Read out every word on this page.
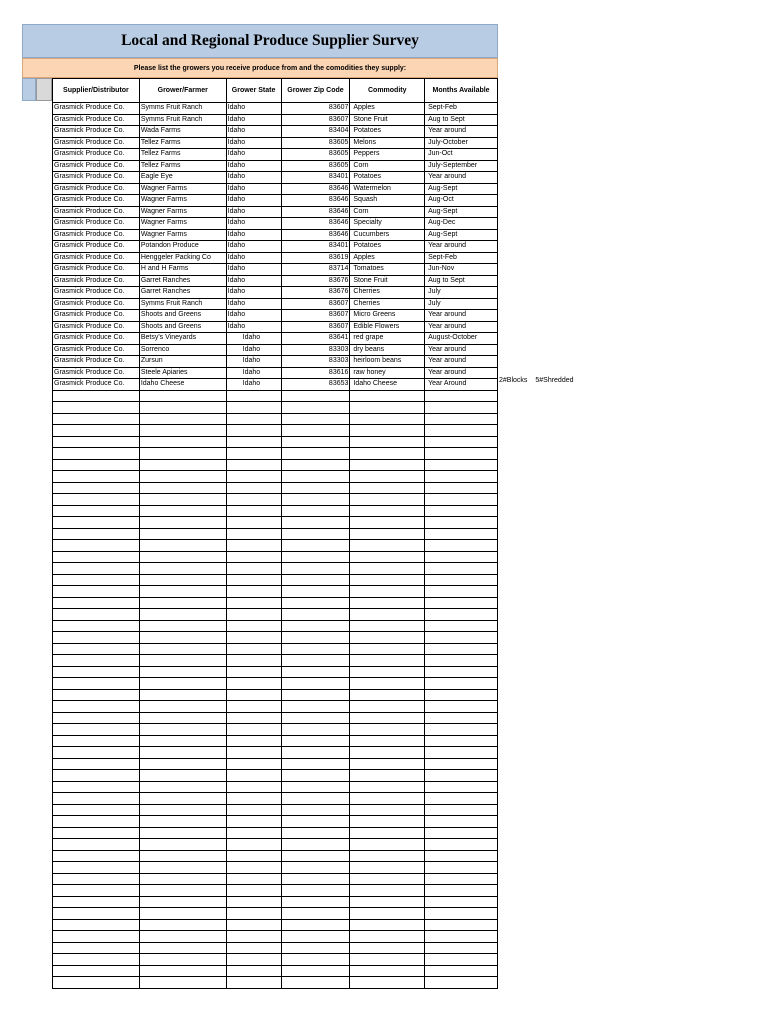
Local and Regional Produce Supplier Survey
Please list the growers you receive produce from and the comodities they supply:
Supplier/Distributor	Grower/Farmer	Grower State	Grower Zip Code	Commodity	Months Available
Grasmick Produce Co.	Symms Fruit Ranch	Idaho	83607	Apples	Sept-Feb
Grasmick Produce Co.	Symms Fruit Ranch	Idaho	83607	Stone Fruit	Aug to Sept
Grasmick Produce Co.	Wada Farms	Idaho	83404	Potatoes	Year around
Grasmick Produce Co.	Tellez Farms	Idaho	83605	Melons	July-October
Grasmick Produce Co.	Tellez Farms	Idaho	83605	Peppers	Jun-Oct
Grasmick Produce Co.	Tellez Farms	Idaho	83605	Corn	July-September
Grasmick Produce Co.	Eagle Eye	Idaho	83401	Potatoes	Year around
Grasmick Produce Co.	Wagner Farms	Idaho	83646	Watermelon	Aug-Sept
Grasmick Produce Co.	Wagner Farms	Idaho	83646	Squash	Aug-Oct
Grasmick Produce Co.	Wagner Farms	Idaho	83646	Corn	Aug-Sept
Grasmick Produce Co.	Wagner Farms	Idaho	83646	Specialty	Aug-Dec
Grasmick Produce Co.	Wagner Farms	Idaho	83646	Cucumbers	Aug-Sept
Grasmick Produce Co.	Potandon Produce	Idaho	83401	Potatoes	Year around
Grasmick Produce Co.	Henggeler Packing Co	Idaho	83619	Apples	Sept-Feb
Grasmick Produce Co.	H and H Farms	Idaho	83714	Tomatoes	Jun-Nov
Grasmick Produce Co.	Garret Ranches	Idaho	83676	Stone Fruit	Aug to Sept
Grasmick Produce Co.	Garret Ranches	Idaho	83676	Cherries	July
Grasmick Produce Co.	Symms Fruit Ranch	Idaho	83607	Cherries	July
Grasmick Produce Co.	Shoots and Greens	Idaho	83607	Micro Greens	Year around
Grasmick Produce Co.	Shoots and Greens	Idaho	83607	Edible Flowers	Year around
Grasmick Produce Co.	Betsy's Vineyards	Idaho	83641	red grape	August-October
Grasmick Produce Co.	Sorrenco	Idaho	83303	dry beans	Year around
Grasmick Produce Co.	Zursun	Idaho	83303	heirloom beans	Year around
Grasmick Produce Co.	Steele Apiaries	Idaho	83616	raw honey	Year around
Grasmick Produce Co.	Idaho Cheese	Idaho	83653	Idaho Cheese	Year Around

						2#Blocks 5#Shredded
